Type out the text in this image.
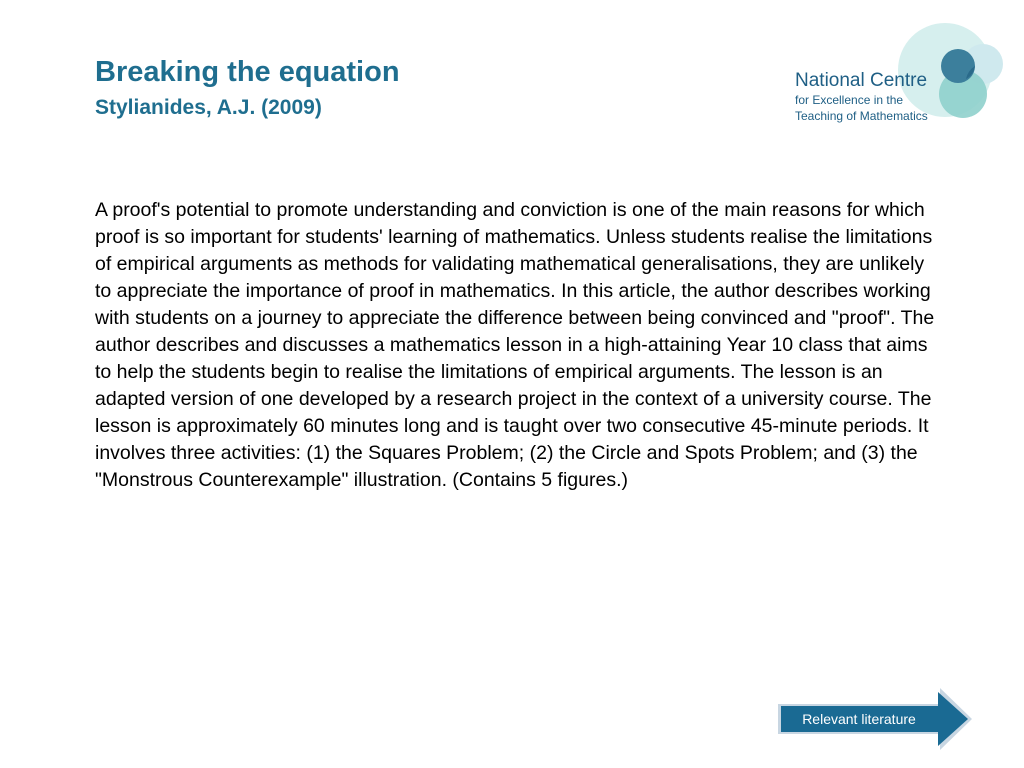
Breaking the equation
Stylianides, A.J. (2009)
National Centre
for Excellence in the
Teaching of Mathematics

A proof's potential to promote understanding and conviction is one of the main reasons for which proof is so important for students' learning of mathematics. Unless students realise the limitations of empirical arguments as methods for validating mathematical generalisations, they are unlikely to appreciate the importance of proof in mathematics. In this article, the author describes working with students on a journey to appreciate the difference between being convinced and "proof". The author describes and discusses a mathematics lesson in a high-attaining Year 10 class that aims to help the students begin to realise the limitations of empirical arguments. The lesson is an adapted version of one developed by a research project in the context of a university course. The lesson is approximately 60 minutes long and is taught over two consecutive 45-minute periods. It involves three activities: (1) the Squares Problem; (2) the Circle and Spots Problem; and (3) the "Monstrous Counterexample" illustration. (Contains 5 figures.)

Relevant literature
